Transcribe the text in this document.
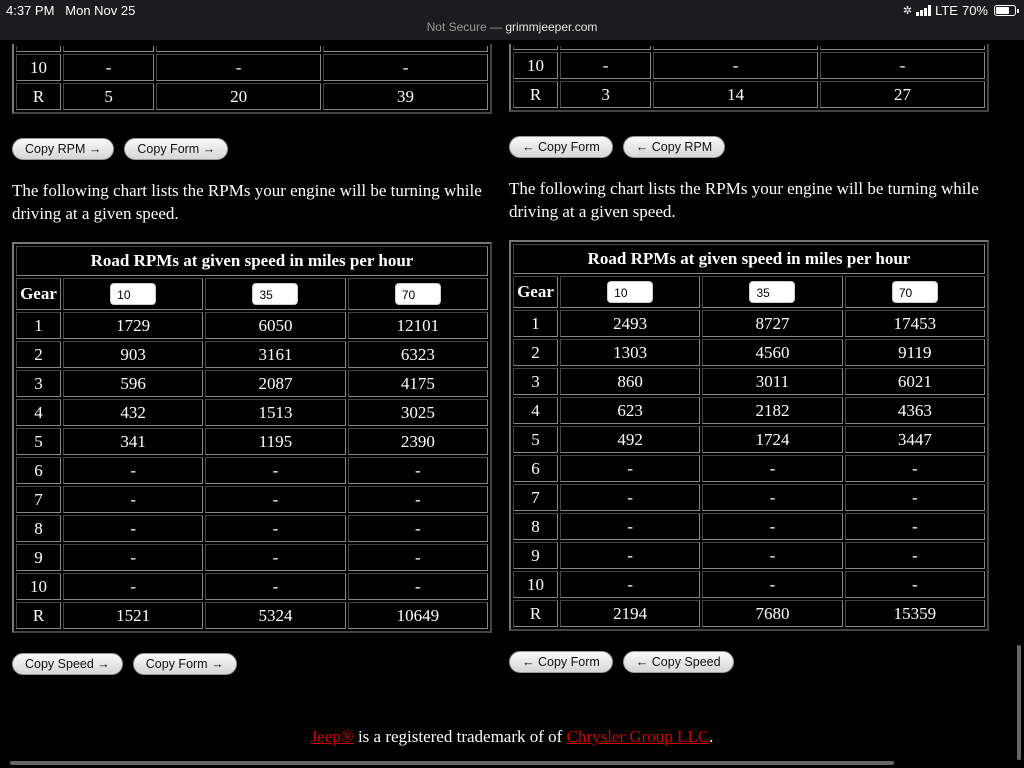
4:37 PM Mon Nov 25	✲ LTE 70%
Not Secure — grimmjeeper.com

10	-	-	-
R	5	20	39
Copy RPM →	Copy Form →

The following chart lists the RPMs your engine will be turning while driving at a given speed.

Road RPMs at given speed in miles per hour			
Gear	10	35	70
1	1729	6050	12101
2	903	3161	6323
3	596	2087	4175
4	432	1513	3025
5	341	1195	2390
6	-	-	-
7	-	-	-
8	-	-	-
9	-	-	-
10	-	-	-
R	1521	5324	10649
Copy Speed →	Copy Form →

10	-	-	-
R	3	14	27
← Copy Form	← Copy RPM

The following chart lists the RPMs your engine will be turning while driving at a given speed.

Road RPMs at given speed in miles per hour			
Gear	10	35	70
1	2493	8727	17453
2	1303	4560	9119
3	860	3011	6021
4	623	2182	4363
5	492	1724	3447
6	-	-	-
7	-	-	-
8	-	-	-
9	-	-	-
10	-	-	-
R	2194	7680	15359
← Copy Form	← Copy Speed
Jeep® is a registered trademark of of Chrysler Group LLC.
